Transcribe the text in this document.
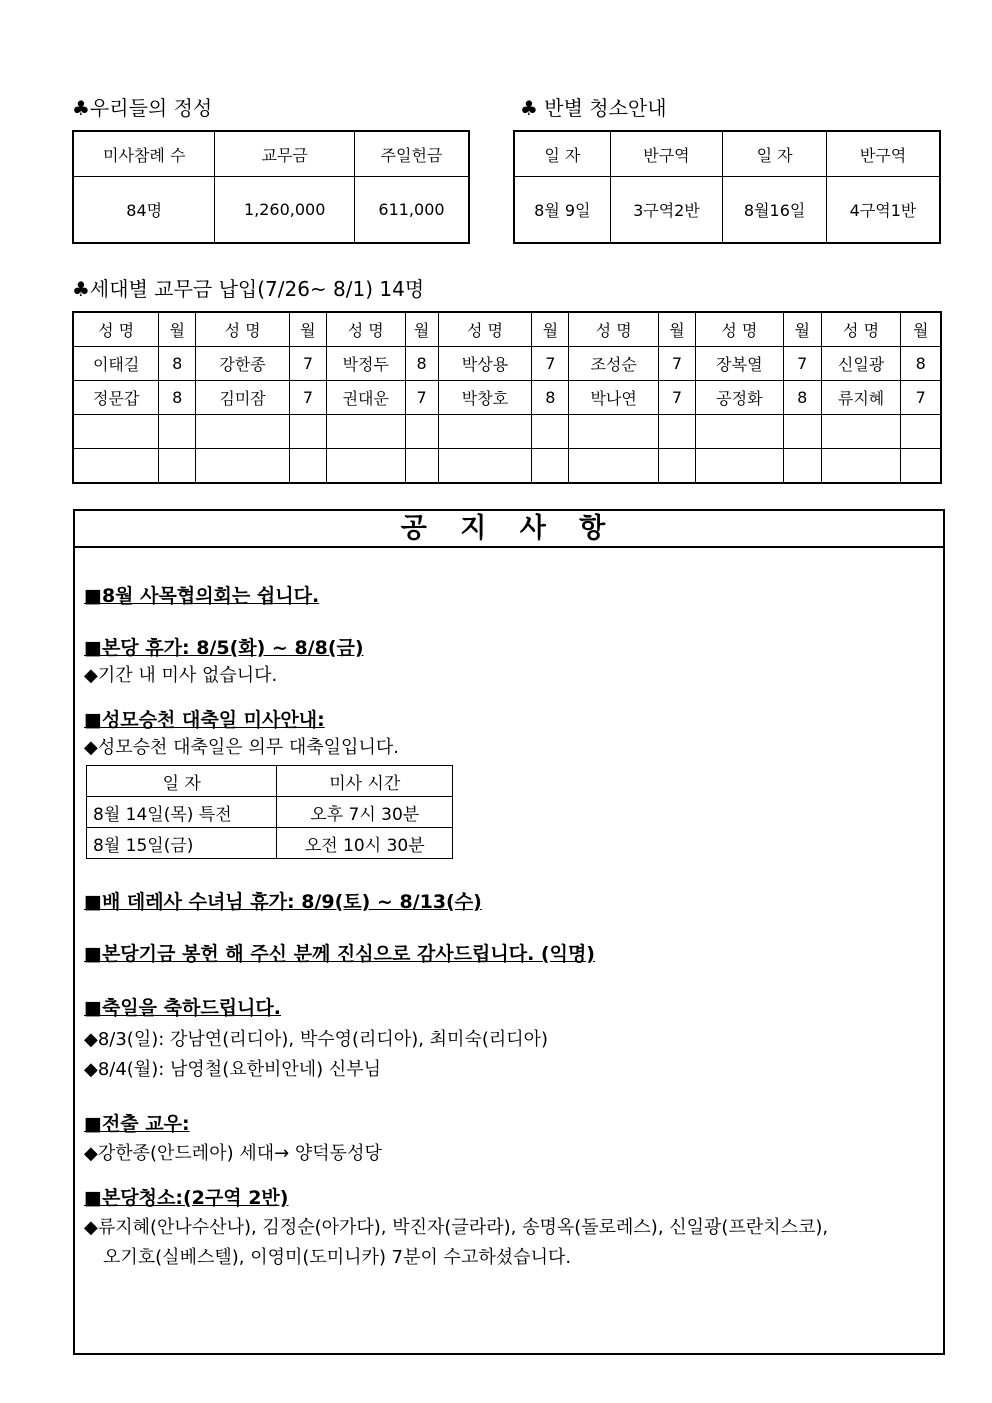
♣우리들의 정성
미사참례 수	교무금	주일헌금
84명	1,260,000	611,000
♣ 반별 청소안내
일 자	반구역	일 자	반구역
8월 9일	3구역2반	8월16일	4구역1반
♣세대별 교무금 납입(7/26~ 8/1) 14명
성 명	월	성 명	월	성 명	월	성 명	월	성 명	월	성 명	월	성 명	월
이태길	8	강한종	7	박정두	8	박상용	7	조성순	7	장복열	7	신일광	8
정문갑	8	김미잠	7	권대운	7	박창호	8	박나연	7	공정화	8	류지혜	7

공 지 사 항
■8월 사목협의회는 쉽니다.
■본당 휴가: 8/5(화) ~ 8/8(금)
◆기간 내 미사 없습니다.
■성모승천 대축일 미사안내:
◆성모승천 대축일은 의무 대축일입니다.
일 자	미사 시간
8월 14일(목) 특전	오후 7시 30분
8월 15일(금)	오전 10시 30분
■배 데레사 수녀님 휴가: 8/9(토) ~ 8/13(수)
■본당기금 봉헌 해 주신 분께 진심으로 감사드립니다. (익명)
■축일을 축하드립니다.
◆8/3(일): 강남연(리디아), 박수영(리디아), 최미숙(리디아)
◆8/4(월): 남영철(요한비안네) 신부님
■전출 교우:
◆강한종(안드레아) 세대→ 양덕동성당
■본당청소:(2구역 2반)
◆류지혜(안나수산나), 김정순(아가다), 박진자(글라라), 송명옥(돌로레스), 신일광(프란치스코),
오기호(실베스텔), 이영미(도미니카) 7분이 수고하셨습니다.
